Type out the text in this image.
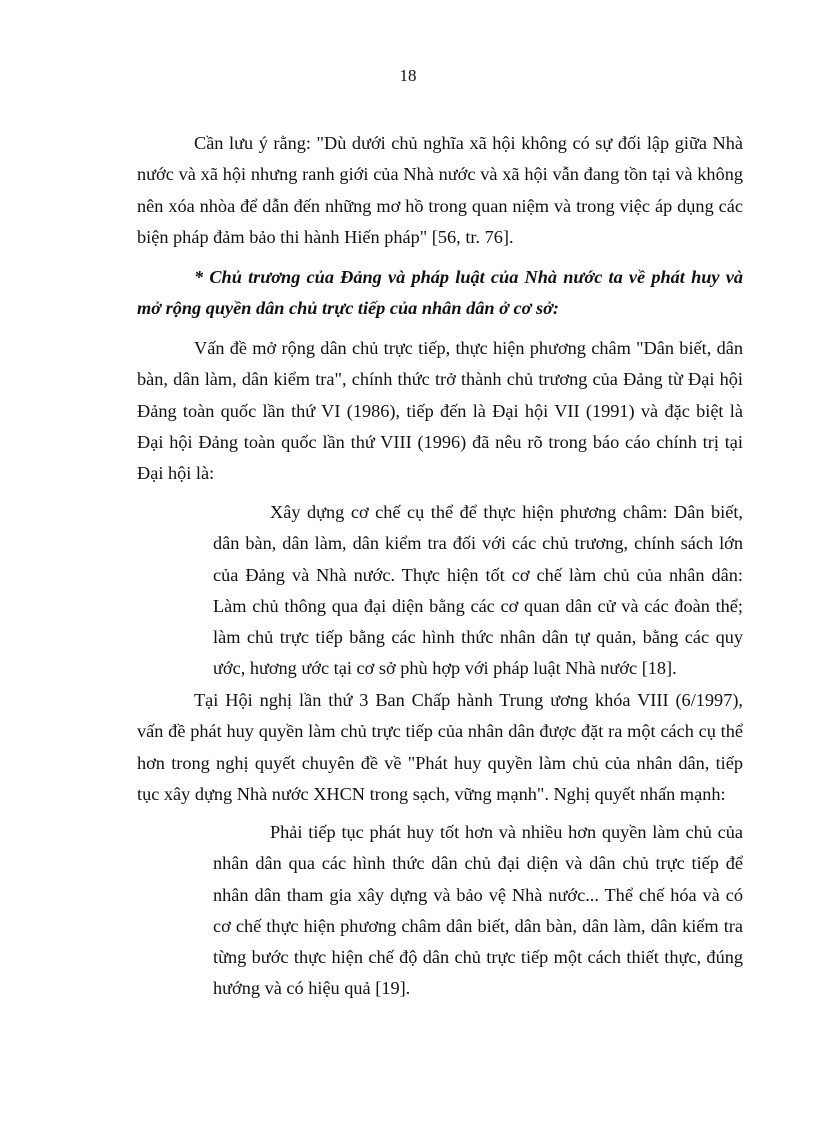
18

Cần lưu ý rằng: "Dù dưới chủ nghĩa xã hội không có sự đối lập giữa Nhà nước và xã hội nhưng ranh giới của Nhà nước và xã hội vẫn đang tồn tại và không nên xóa nhòa để dẫn đến những mơ hồ trong quan niệm và trong việc áp dụng các biện pháp đảm bảo thi hành Hiến pháp" [56, tr. 76].

* Chủ trương của Đảng và pháp luật của Nhà nước ta về phát huy và mở rộng quyền dân chủ trực tiếp của nhân dân ở cơ sở:

Vấn đề mở rộng dân chủ trực tiếp, thực hiện phương châm "Dân biết, dân bàn, dân làm, dân kiểm tra", chính thức trở thành chủ trương của Đảng từ Đại hội Đảng toàn quốc lần thứ VI (1986), tiếp đến là Đại hội VII (1991) và đặc biệt là Đại hội Đảng toàn quốc lần thứ VIII (1996) đã nêu rõ trong báo cáo chính trị tại Đại hội là:

Xây dựng cơ chế cụ thể để thực hiện phương châm: Dân biết, dân bàn, dân làm, dân kiểm tra đối với các chủ trương, chính sách lớn của Đảng và Nhà nước. Thực hiện tốt cơ chế làm chủ của nhân dân: Làm chủ thông qua đại diện bằng các cơ quan dân cử và các đoàn thể; làm chủ trực tiếp bằng các hình thức nhân dân tự quản, bằng các quy ước, hương ước tại cơ sở phù hợp với pháp luật Nhà nước [18].

Tại Hội nghị lần thứ 3 Ban Chấp hành Trung ương khóa VIII (6/1997), vấn đề phát huy quyền làm chủ trực tiếp của nhân dân được đặt ra một cách cụ thể hơn trong nghị quyết chuyên đề về "Phát huy quyền làm chủ của nhân dân, tiếp tục xây dựng Nhà nước XHCN trong sạch, vững mạnh". Nghị quyết nhấn mạnh:

Phải tiếp tục phát huy tốt hơn và nhiều hơn quyền làm chủ của nhân dân qua các hình thức dân chủ đại diện và dân chủ trực tiếp để nhân dân tham gia xây dựng và bảo vệ Nhà nước... Thể chế hóa và có cơ chế thực hiện phương châm dân biết, dân bàn, dân làm, dân kiểm tra từng bước thực hiện chế độ dân chủ trực tiếp một cách thiết thực, đúng hướng và có hiệu quả [19].
